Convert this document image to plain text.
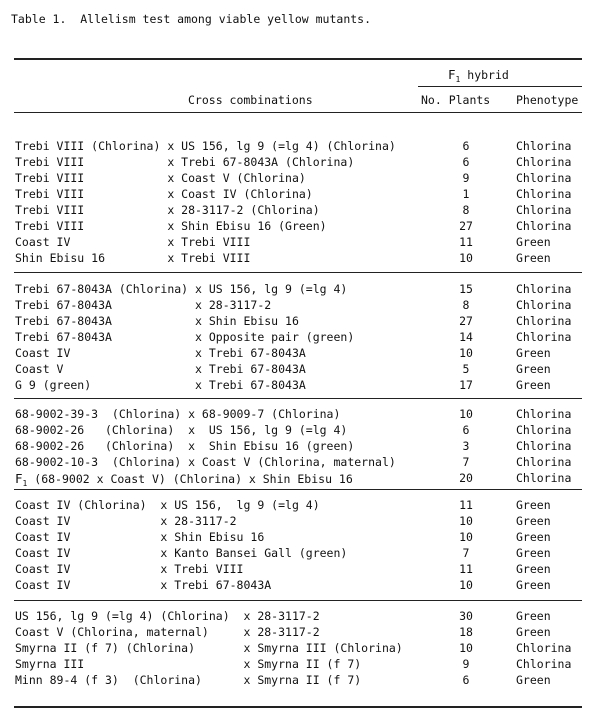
Table 1.  Allelism test among viable yellow mutants.
$F_1$ hybrid
Cross combinations	No. Plants Phenotype
Trebi VIII (Chlorina) x US 156, lg 9 (=lg 4) (Chlorina)	6	Chlorina
Trebi VIII            x Trebi 67-8043A (Chlorina)	6	Chlorina
Trebi VIII            x Coast V (Chlorina)	9	Chlorina
Trebi VIII            x Coast IV (Chlorina)	1	Chlorina
Trebi VIII            x 28-3117-2 (Chlorina)	8	Chlorina
Trebi VIII            x Shin Ebisu 16 (Green)	27	Chlorina
Coast IV              x Trebi VIII	11	Green
Shin Ebisu 16         x Trebi VIII	10	Green
Trebi 67-8043A (Chlorina) x US 156, lg 9 (=lg 4)	15	Chlorina
Trebi 67-8043A            x 28-3117-2	8	Chlorina
Trebi 67-8043A            x Shin Ebisu 16	27	Chlorina
Trebi 67-8043A            x Opposite pair (green)	14	Chlorina
Coast IV                  x Trebi 67-8043A	10	Green
Coast V                   x Trebi 67-8043A	5	Green
G 9 (green)               x Trebi 67-8043A	17	Green
68-9002-39-3  (Chlorina) x 68-9009-7 (Chlorina)	10	Chlorina
68-9002-26   (Chlorina)  x  US 156, lg 9 (=lg 4)	6	Chlorina
68-9002-26   (Chlorina)  x  Shin Ebisu 16 (green)	3	Chlorina
68-9002-10-3  (Chlorina) x Coast V (Chlorina, maternal)	7	Chlorina
$F_1$ (68-9002 x Coast V) (Chlorina) x Shin Ebisu 16	20	Chlorina
Coast IV (Chlorina)  x US 156,  lg 9 (=lg 4)	11	Green
Coast IV             x 28-3117-2	10	Green
Coast IV             x Shin Ebisu 16	10	Green
Coast IV             x Kanto Bansei Gall (green)	7	Green
Coast IV             x Trebi VIII	11	Green
Coast IV             x Trebi 67-8043A	10	Green
US 156, lg 9 (=lg 4) (Chlorina)  x 28-3117-2	30	Green
Coast V (Chlorina, maternal)     x 28-3117-2	18	Green
Smyrna II (f 7) (Chlorina)       x Smyrna III (Chlorina)	10	Chlorina
Smyrna III                       x Smyrna II (f 7)	9	Chlorina
Minn 89-4 (f 3)  (Chlorina)      x Smyrna II (f 7)	6	Green
